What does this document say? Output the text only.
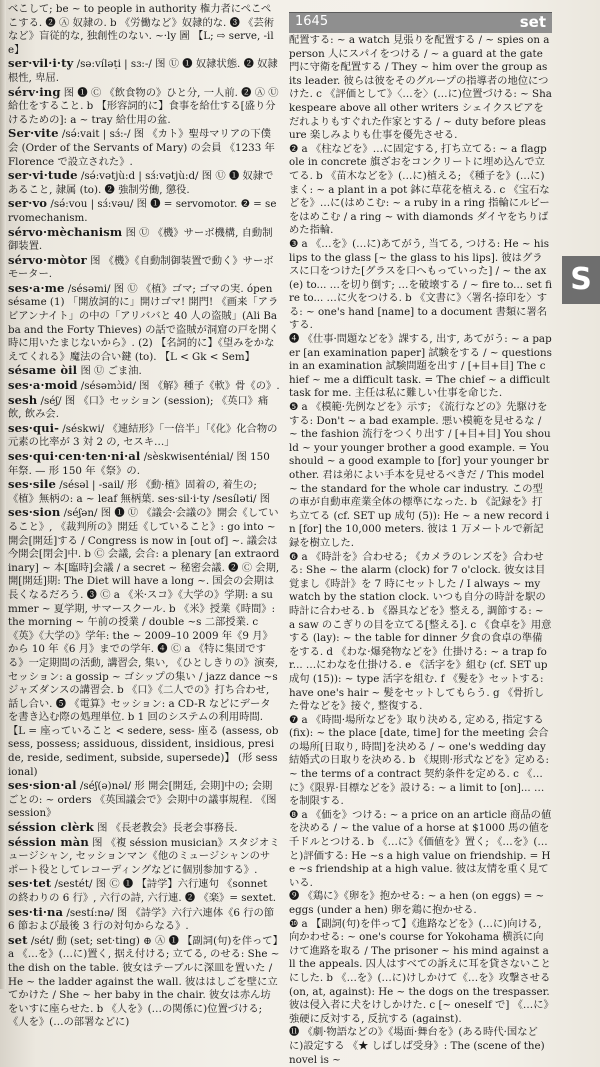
べこして; be ~ to people in authority 権力者にぺこぺこする. ❷ Ⓐ 奴隷の. b 《労働など》奴隷的な. ❸ 《芸術など》盲従的な, 独創性のない. ~·ly 圖 【L; ⇨ serve, -ile】

ser·vil·i·ty /sə:vílǝṭi | sɜ:-/ 图 Ⓤ ❶ 奴隷状態. ❷ 奴隷根性, 卑屈.

sérv·ing 图 ❶ Ⓒ 《飲食物の》ひと分, 一人前. ❷ Ⓐ Ⓤ 給仕をすること. b 【形容詞的に】食事を給仕する[盛り分けるための]: a ~ tray 給仕用の盆.

Ser·vite /sə́:vait | sɜ́:-/ 图 《カト》聖母マリアの下僕会 (Order of the Servants of Mary) の会員 《1233 年 Florence で設立された》.

ser·vi·tude /sə́:vǝtjù:d | sɜ́:vǝtjù:d/ 图 Ⓤ ❶ 奴隷であること, 隷属 (to). ❷ 強制労働, 懲役.

ser·vo /sə́:vou | sɜ́:vǝu/ 图 ❶ = servomotor. ❷ = servomechanism.

sérvo·mèchanism 图 Ⓤ 《機》サーボ機構, 自動制御装置.

sérvo·mòtor 图 《機》《自動制御装置で動く》サーボモーター.

ses·a·me /sésǝmi/ 图 Ⓤ 《植》ゴマ; ゴマの実. ópen sésame (1) 「開放詞的に」開けゴマ! 開門! 《画来「アラビアンナイト」の中の「アリババと 40 人の盗賊」(Ali Baba and the Forty Thieves) の話で盗賊が洞窟の戸を開く時に用いたまじないから》. (2) 【名詞的に】《望みをかなえてくれる》魔法の合い鍵 (to). 【L < Gk < Sem】

sésame òil 图 Ⓤ ごま油.

ses·a·moid /sésǝmɔ̀id/ 图 《解》種子《軟》骨《の》.

sesh /séʃ/ 图 《口》セッション (session); 《英口》痛飲, 飲み会.

ses·qui- /séskwi/ 《連結形》「一倍半」「《化》化合物の元素の比率が 3 対 2 の, セスキ…」

ses·qui·cen·ten·ni·al /sèskwisenténial/ 图 150 年祭. — 形 150 年《祭》の.

ses·sile /sésǝl | -sail/ 形 《動·植》固着の, 着生の; 《植》無柄の: a ~ leaf 無柄葉. ses·sil·i·ty /sesíləti/ 图

ses·sion /séʃǝn/ 图 ❶ Ⓤ 《議会·会議の》開会《していること》, 《裁判所の》開廷《していること》: go into ~ 開会[開廷]する / Congress is now in [out of] ~. 議会は今開会[閉会]中. b Ⓒ 会議, 会合: a plenary [an extraordinary] ~ 本[臨時]会議 / a secret ~ 秘密会議. ❷ Ⓒ 会期, 開[開廷]期: The Diet will have a long ~. 国会の会期は長くなるだろう. ❸ Ⓒ a 《米·スコ》《大学の》学期: a summer ~ 夏学期, サマースクール. b 《米》授業《時間》: the morning ~ 午前の授業 / double ~s 二部授業. c 《英》《大学の》学年: the ~ 2009–10 2009 年《9 月》から 10 年《6 月》までの学年. ❹ Ⓒ a 《特に集団でする》一定期間の活動, 講習会, 集い, 《ひとしきりの》演奏, セッション: a gossip ~ ゴシップの集い / jazz dance ~s ジャズダンスの講習会. b 《口》《二人での》打ち合わせ, 話し合い. ❺ 《電算》セッション: a CD-R などにデータを書き込む際の処理単位. b 1 回のシステムの利用時間. 【L = 座っていること < sedere, sess- 座る (assess, obsess, possess; assiduous, dissident, insidious, preside, reside, sediment, subside, supersede)】 (形 sessional)

ses·sion·al /séʃ(ǝ)nǝl/ 形 開会[開廷, 会期]中の; 会期ごとの: ~ orders 《英国議会で》会期中の議事規程. 《图 session》

séssion clèrk 图 《長老教会》長老会事務長.

séssion màn 图 《複 séssion musician》スタジオミュージシャン, セッションマン《他のミュージシャンのサポート役としてレコーディングなどに個別参加する》.

ses·tet /sestét/ 图 Ⓒ ❶ 【詩学】六行連句 《sonnet の終わりの 6 行》, 六行の詩, 六行連. ❷ 《楽》= sextet.

ses·ti·na /sestí:nǝ/ 图 《詩学》六行六連体《6 行の節 6 節および最後 3 行の対句からなる》.

set /sét/ 動 (set; set·ting) ⊕ Ⓐ ❶ 【副詞(句)を伴って】a 《…を》(…に)置く, 据え付ける; 立てる, のせる: She ~ the dish on the table. 彼女はテーブルに深皿を置いた / He ~ the ladder against the wall. 彼ははしごを壁に立てかけた / She ~ her baby in the chair. 彼女は赤ん坊をいすに座らせた. b 《人を》(…の関係に)位置づける; 《人を》(…の部署などに)

1645	set

配置する: ~ a watch 見張りを配置する / ~ spies on a person 人にスパイをつける / ~ a guard at the gate 門に守衛を配置する / They ~ him over the group as its leader. 彼らは彼をそのグループの指導者の地位につけた. c 《評価として》〈…を〉(…に)位置づける: ~ Shakespeare above all other writers シェイクスピアをだれよりもすぐれた作家とする / ~ duty before pleasure 楽しみよりも仕事を優先させる.

❷ a 《柱などを》…に固定する, 打ち立てる: ~ a flagpole in concrete 旗ざおをコンクリートに埋め込んで立てる. b 《苗木などを》(…に)植える; 《種子を》(…に)まく: ~ a plant in a pot 鉢に草花を植える. c 《宝石などを》…に(はめこむ: ~ a ruby in a ring 指輪にルビーをはめこむ / a ring ~ with diamonds ダイヤをちりばめた指輪.

❸ a 《…を》(…に)あてがう, 当てる, つける: He ~ his lips to the glass [~ the glass to his lips]. 彼はグラスに口をつけた[グラスを口へもっていった] / ~ the ax(e) to... …を切り倒す; …を破壊する / ~ fire to... set fire to... …に火をつける. b 《文書に》〈署名·捺印を〉する: ~ one's hand [name] to a document 書類に署名する.

❹ 《仕事·問題などを》課する, 出す, あてがう: ~ a paper [an examination paper] 試験をする / ~ questions in an examination 試験問題を出す / [+目+目] The chief ~ me a difficult task. = The chief ~ a difficult task for me. 主任は私に難しい仕事を命じた.

❺ a 《模範·先例などを》示す; 《流行などの》先駆けをする: Don't ~ a bad example. 悪い模範を見せるな / ~ the fashion 流行をつくり出す / [+目+目] You should ~ your younger brother a good example. = You should ~ a good example to [for] your younger brother. 君は弟によい手本を見せるべきだ / This model ~ the standard for the whole car industry. この型の車が自動車産業全体の標準になった. b 《記録を》打ち立てる (cf. SET up 成句 (5)): He ~ a new record in [for] the 10,000 meters. 彼は 1 万メートルで新記録を樹立した.

❻ a 《時計を》合わせる; 《カメラのレンズを》合わせる: She ~ the alarm (clock) for 7 o'clock. 彼女は目覚まし《時計》を 7 時にセットした / I always ~ my watch by the station clock. いつも自分の時計を駅の時計に合わせる. b 《器具などを》整える, 調節する: ~ a saw のこぎりの目を立てる[整える]. c 《食卓を》用意する (lay): ~ the table for dinner 夕食の食卓の準備をする. d 《わな·爆発物などを》仕掛ける: ~ a trap for... …にわなを仕掛ける. e 《活字を》組む (cf. SET up 成句 (15)): ~ type 活字を組む. f 《髪を》セットする: have one's hair ~ 髪をセットしてもらう. g 《骨折した骨などを》接ぐ, 整復する.

❼ a 《時間·場所などを》取り決める, 定める, 指定する (fix): ~ the place [date, time] for the meeting 会合の場所[日取り, 時間]を決める / ~ one's wedding day 結婚式の日取りを決める. b 《規則·形式などを》定める: ~ the terms of a contract 契約条件を定める. c 《…に》《限界·目標などを》設ける: ~ a limit to [on]... …を制限する.

❽ a 《価を》つける: ~ a price on an article 商品の値を決める / ~ the value of a horse at $1000 馬の値を千ドルとつける. b 《…に》《価値を》置く; 《…を》(…と)評価する: He ~s a high value on friendship. = He ~s friendship at a high value. 彼は友情を重く見ている.

❾ 《鶏に》《卵を》抱かせる: ~ a hen (on eggs) = ~ eggs (under a hen) 卵を鶏に抱かせる.

❿ a 【副詞(句)を伴って】《進路などを》(…に)向ける, 向かわせる: ~ one's course for Yokohama 横浜に向けて進路を取る / The prisoner ~ his mind against all the appeals. 囚人はすべての訴えに耳を貸さないことにした. b 《…を》(…に)けしかけて《…を》攻撃させる (on, at, against): He ~ the dogs on the trespasser. 彼は侵入者に犬をけしかけた. c [~ oneself で] 《…に》強硬に反対する, 反抗する (against).

⓫ 《劇·物語などの》《場面·舞台を》(ある時代·国などに)設定する 《★ しばしば受身》: The (scene of the) novel is ~

S
